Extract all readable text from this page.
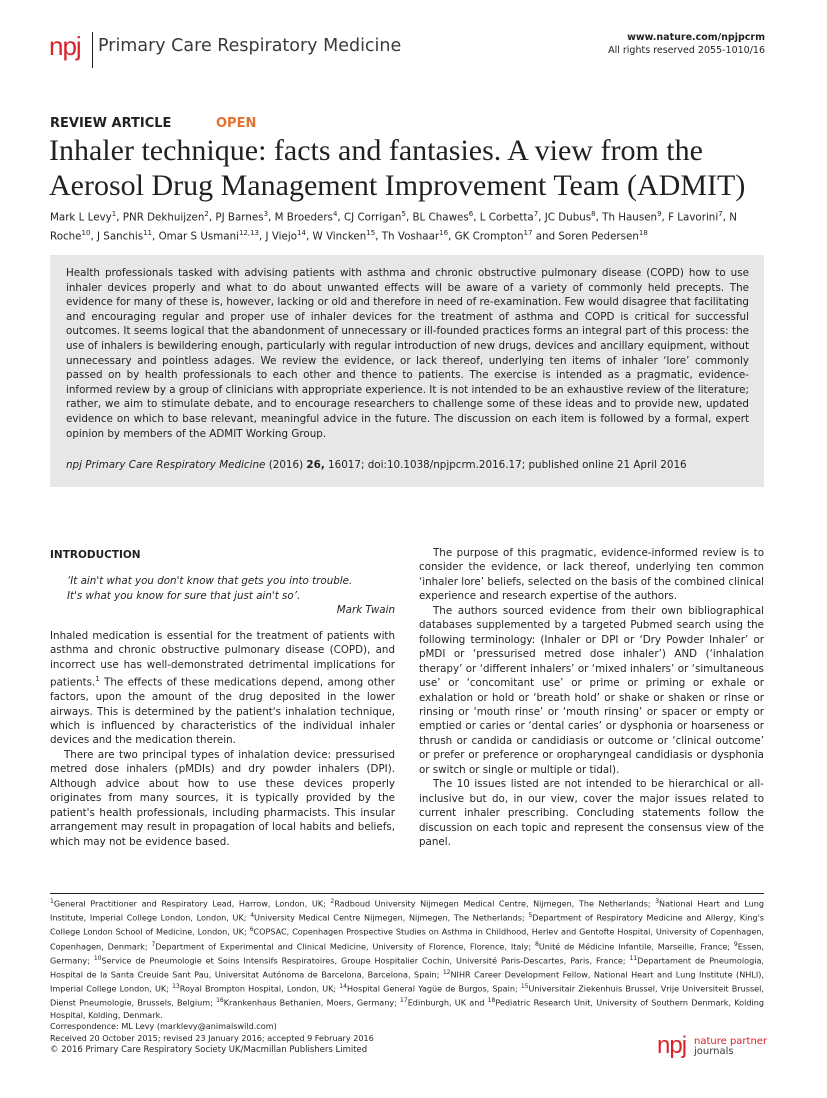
npj Primary Care Respiratory Medicine	www.nature.com/npjpcrm
All rights reserved 2055-1010/16
REVIEW ARTICLE	OPEN
Inhaler technique: facts and fantasies. A view from the Aerosol Drug Management Improvement Team (ADMIT)
Mark L Levy$^1$, PNR Dekhuijzen$^2$, PJ Barnes$^3$, M Broeders$^4$, CJ Corrigan$^5$, BL Chawes$^6$, L Corbetta$^7$, JC Dubus$^8$, Th Hausen$^9$, F Lavorini$^7$, N Roche$^{10}$, J Sanchis$^{11}$, Omar S Usmani$^{12,13}$, J Viejo$^{14}$, W Vincken$^{15}$, Th Voshaar$^{16}$, GK Crompton$^{17}$ and Soren Pedersen$^{18}$

Health professionals tasked with advising patients with asthma and chronic obstructive pulmonary disease (COPD) how to use inhaler devices properly and what to do about unwanted effects will be aware of a variety of commonly held precepts. The evidence for many of these is, however, lacking or old and therefore in need of re-examination. Few would disagree that facilitating and encouraging regular and proper use of inhaler devices for the treatment of asthma and COPD is critical for successful outcomes. It seems logical that the abandonment of unnecessary or ill-founded practices forms an integral part of this process: the use of inhalers is bewildering enough, particularly with regular introduction of new drugs, devices and ancillary equipment, without unnecessary and pointless adages. We review the evidence, or lack thereof, underlying ten items of inhaler ‘lore’ commonly passed on by health professionals to each other and thence to patients. The exercise is intended as a pragmatic, evidence-informed review by a group of clinicians with appropriate experience. It is not intended to be an exhaustive review of the literature; rather, we aim to stimulate debate, and to encourage researchers to challenge some of these ideas and to provide new, updated evidence on which to base relevant, meaningful advice in the future. The discussion on each item is followed by a formal, expert opinion by members of the ADMIT Working Group.

npj Primary Care Respiratory Medicine (2016) 26, 16017; doi:10.1038/npjpcrm.2016.17; published online 21 April 2016

INTRODUCTION
‘It ain't what you don't know that gets you into trouble.
It's what you know for sure that just ain't so’.
Mark Twain

Inhaled medication is essential for the treatment of patients with asthma and chronic obstructive pulmonary disease (COPD), and incorrect use has well-demonstrated detrimental implications for patients.$^1$ The effects of these medications depend, among other factors, upon the amount of the drug deposited in the lower airways. This is determined by the patient's inhalation technique, which is influenced by characteristics of the individual inhaler devices and the medication therein.

There are two principal types of inhalation device: pressurised metred dose inhalers (pMDIs) and dry powder inhalers (DPI). Although advice about how to use these devices properly originates from many sources, it is typically provided by the patient's health professionals, including pharmacists. This insular arrangement may result in propagation of local habits and beliefs, which may not be evidence based.

The purpose of this pragmatic, evidence-informed review is to consider the evidence, or lack thereof, underlying ten common ‘inhaler lore’ beliefs, selected on the basis of the combined clinical experience and research expertise of the authors.

The authors sourced evidence from their own bibliographical databases supplemented by a targeted Pubmed search using the following terminology: (Inhaler or DPI or ‘Dry Powder Inhaler’ or pMDI or ‘pressurised metred dose inhaler’) AND (‘inhalation therapy’ or ‘different inhalers’ or ‘mixed inhalers’ or ‘simultaneous use’ or ‘concomitant use’ or prime or priming or exhale or exhalation or hold or ‘breath hold’ or shake or shaken or rinse or rinsing or ‘mouth rinse’ or ‘mouth rinsing’ or spacer or empty or emptied or caries or ‘dental caries’ or dysphonia or hoarseness or thrush or candida or candidiasis or outcome or ‘clinical outcome’ or prefer or preference or oropharyngeal candidiasis or dysphonia or switch or single or multiple or tidal).

The 10 issues listed are not intended to be hierarchical or all-inclusive but do, in our view, cover the major issues related to current inhaler prescribing. Concluding statements follow the discussion on each topic and represent the consensus view of the panel.

$^1$General Practitioner and Respiratory Lead, Harrow, London, UK; $^2$Radboud University Nijmegen Medical Centre, Nijmegen, The Netherlands; $^3$National Heart and Lung Institute, Imperial College London, London, UK; $^4$University Medical Centre Nijmegen, Nijmegen, The Netherlands; $^5$Department of Respiratory Medicine and Allergy, King's College London School of Medicine, London, UK; $^6$COPSAC, Copenhagen Prospective Studies on Asthma in Childhood, Herlev and Gentofte Hospital, University of Copenhagen, Copenhagen, Denmark; $^7$Department of Experimental and Clinical Medicine, University of Florence, Florence, Italy; $^8$Unité de Médicine Infantile, Marseille, France; $^9$Essen, Germany; $^{10}$Service de Pneumologie et Soins Intensifs Respiratoires, Groupe Hospitalier Cochin, Université Paris-Descartes, Paris, France; $^{11}$Departament de Pneumologia, Hospital de la Santa Creuide Sant Pau, Universitat Autónoma de Barcelona, Barcelona, Spain; $^{12}$NIHR Career Development Fellow, National Heart and Lung Institute (NHLI), Imperial College London, UK; $^{13}$Royal Brompton Hospital, London, UK; $^{14}$Hospital General Yagüe de Burgos, Spain; $^{15}$Universitair Ziekenhuis Brussel, Vrije Universiteit Brussel, Dienst Pneumologie, Brussels, Belgium; $^{16}$Krankenhaus Bethanien, Moers, Germany; $^{17}$Edinburgh, UK and $^{18}$Pediatric Research Unit, University of Southern Denmark, Kolding Hospital, Kolding, Denmark.
Correspondence: ML Levy (marklevy@animalswild.com)
Received 20 October 2015; revised 23 January 2016; accepted 9 February 2016
© 2016 Primary Care Respiratory Society UK/Macmillan Publishers Limited	npj nature partner
journals
